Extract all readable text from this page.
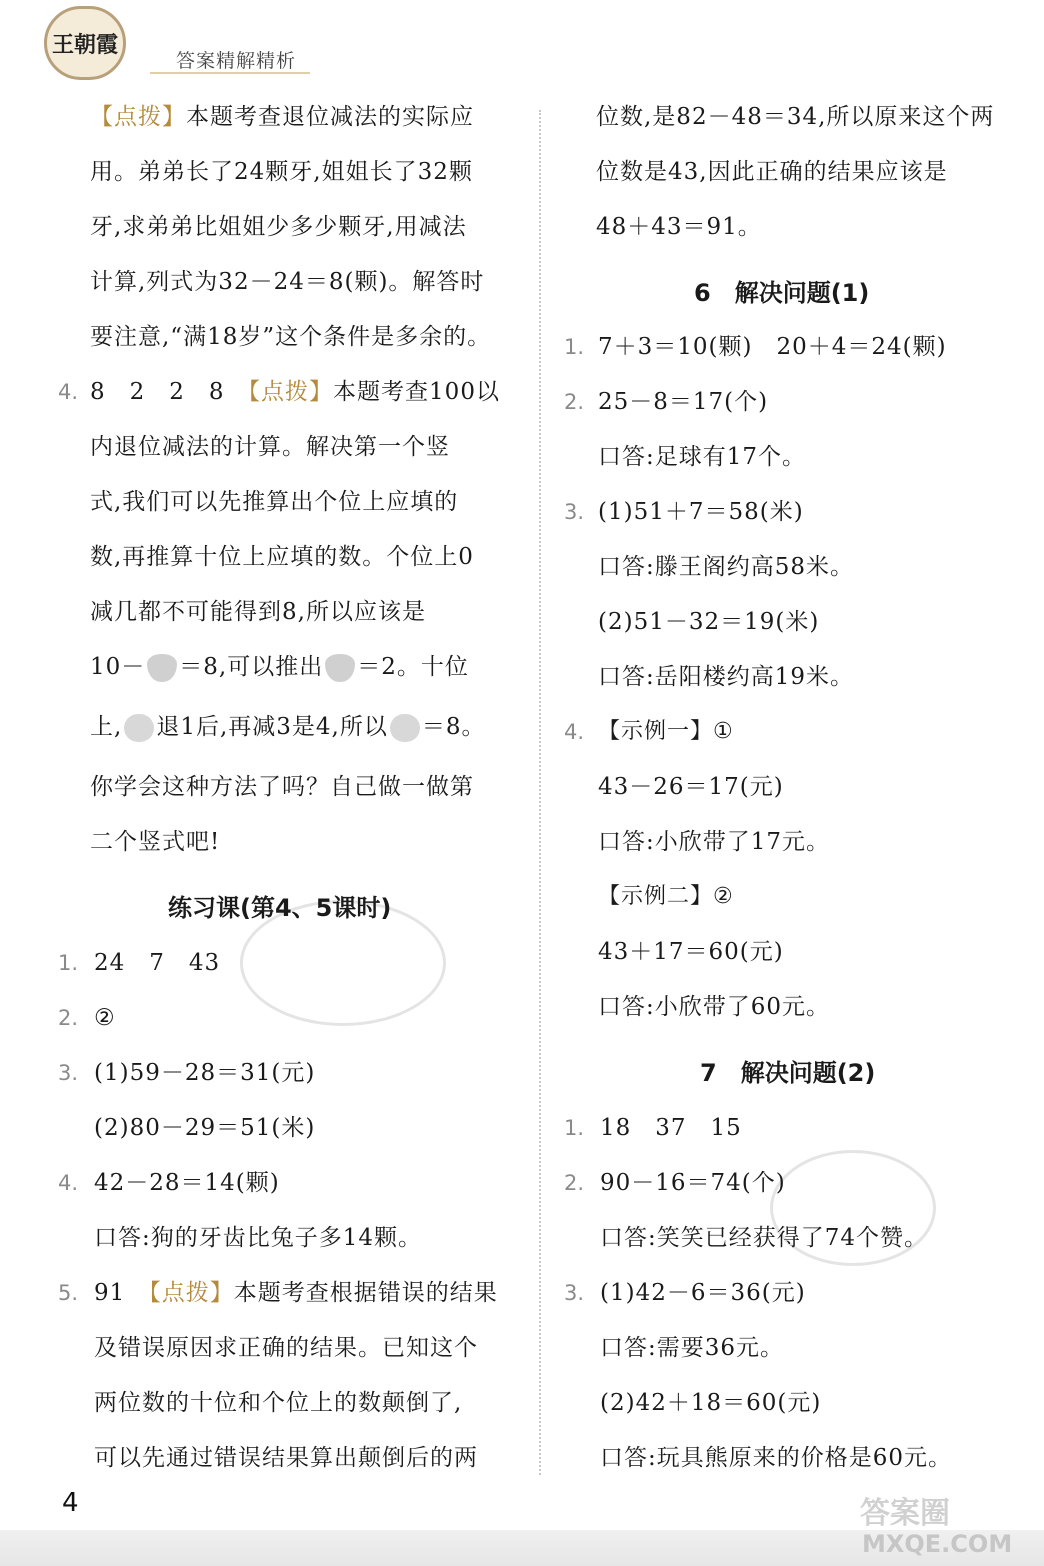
王朝霞
答案精解精析
【点拨】本题考查退位减法的实际应
用。弟弟长了24颗牙,姐姐长了32颗
牙,求弟弟比姐姐少多少颗牙,用减法
计算,列式为32－24＝8(颗)。解答时
要注意,“满18岁”这个条件是多余的。
4. 8　2　2　8　【点拨】本题考查100以
内退位减法的计算。解决第一个竖
式,我们可以先推算出个位上应填的
数,再推算十位上应填的数。个位上0
减几都不可能得到8,所以应该是
10－ ＝8,可以推出 ＝2。十位
上, 退1后,再减3是4,所以 ＝8。
你学会这种方法了吗？自己做一做第
二个竖式吧!
练习课(第4、5课时)
1. 24　7　43
2. ②
3. (1)59－28＝31(元)
(2)80－29＝51(米)
4. 42－28＝14(颗)
口答:狗的牙齿比兔子多14颗。
5. 91　【点拨】本题考查根据错误的结果
及错误原因求正确的结果。已知这个
两位数的十位和个位上的数颠倒了,
可以先通过错误结果算出颠倒后的两
位数,是82－48＝34,所以原来这个两
位数是43,因此正确的结果应该是
48＋43＝91。
6　解决问题(1)
1. 7＋3＝10(颗)　20＋4＝24(颗)
2. 25－8＝17(个)
口答:足球有17个。
3. (1)51＋7＝58(米)
口答:滕王阁约高58米。
(2)51－32＝19(米)
口答:岳阳楼约高19米。
4. 【示例一】①
43－26＝17(元)
口答:小欣带了17元。
【示例二】②
43＋17＝60(元)
口答:小欣带了60元。
7　解决问题(2)
1. 18　37　15
2. 90－16＝74(个)
口答:笑笑已经获得了74个赞。
3. (1)42－6＝36(元)
口答:需要36元。
(2)42＋18＝60(元)
口答:玩具熊原来的价格是60元。
4	答案圈
MXQE.COM
